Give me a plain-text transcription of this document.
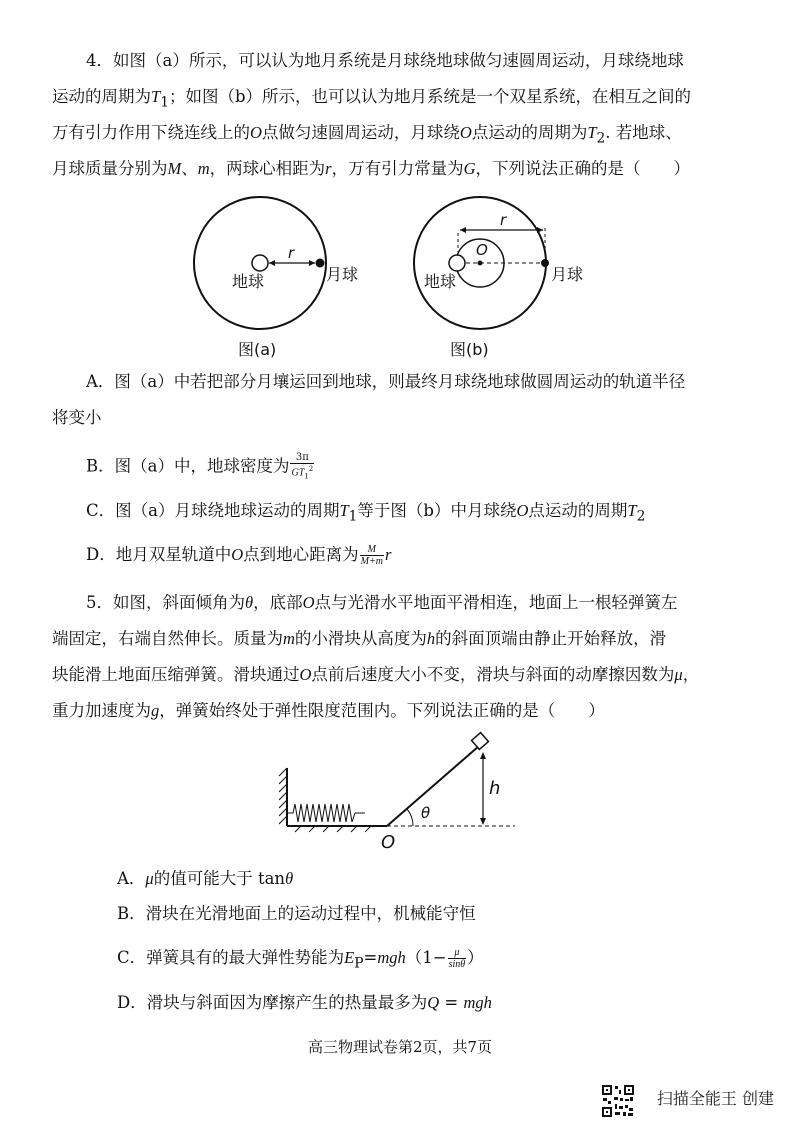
4．如图（a）所示，可以认为地月系统是月球绕地球做匀速圆周运动，月球绕地球
运动的周期为$T_1$；如图（b）所示，也可以认为地月系统是一个双星系统，在相互之间的
万有引力作用下绕连线上的O点做匀速圆周运动，月球绕O点运动的周期为$T_2$. 若地球、
月球质量分别为M、m，两球心相距为r，万有引力常量为G，下列说法正确的是（　　）
r
地球	月球
图(a)
r
O
地球	月球
图(b)
A．图（a）中若把部分月壤运回到地球，则最终月球绕地球做圆周运动的轨道半径
将变小
B．图（a）中，地球密度为 $\frac{3\pi}{GT_1^2}$
C．图（a）月球绕地球运动的周期$T_1$等于图（b）中月球绕O点运动的周期$T_2$
D．地月双星轨道中O点到地心距离为 $\frac{M}{M+m}$ r
5．如图，斜面倾角为θ，底部O点与光滑水平地面平滑相连，地面上一根轻弹簧左
端固定，右端自然伸长。质量为m的小滑块从高度为h的斜面顶端由静止开始释放，滑
块能滑上地面压缩弹簧。滑块通过O点前后速度大小不变，滑块与斜面的动摩擦因数为μ，
重力加速度为g，弹簧始终处于弹性限度范围内。下列说法正确的是（　　）
h
θ
O
A．μ的值可能大于 tanθ
B．滑块在光滑地面上的运动过程中，机械能守恒
C．弹簧具有的最大弹性势能为$E_P=mgh(1- \frac{\mu}{\sin\theta}$ ）
D．滑块与斜面因为摩擦产生的热量最多为Q = mgh
高三物理试卷第2页，共7页
扫描全能王 创建
